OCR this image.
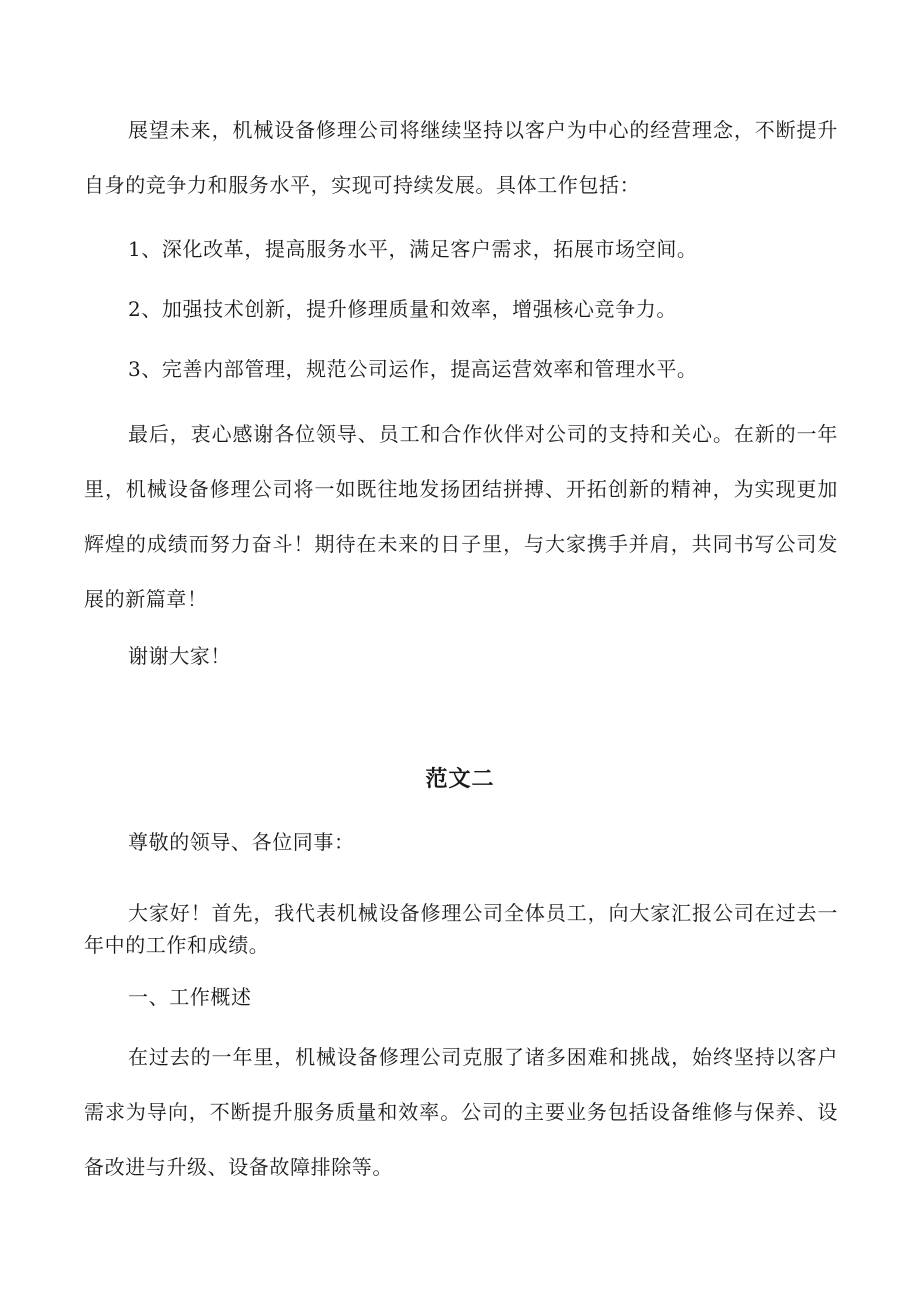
展望未来，机械设备修理公司将继续坚持以客户为中心的经营理念，不断提升自身的竞争力和服务水平，实现可持续发展。具体工作包括：

1、深化改革，提高服务水平，满足客户需求，拓展市场空间。

2、加强技术创新，提升修理质量和效率，增强核心竞争力。

3、完善内部管理，规范公司运作，提高运营效率和管理水平。

最后，衷心感谢各位领导、员工和合作伙伴对公司的支持和关心。在新的一年里，机械设备修理公司将一如既往地发扬团结拼搏、开拓创新的精神，为实现更加辉煌的成绩而努力奋斗！期待在未来的日子里，与大家携手并肩，共同书写公司发展的新篇章！

谢谢大家！

范文二

尊敬的领导、各位同事：

大家好！首先，我代表机械设备修理公司全体员工，向大家汇报公司在过去一年中的工作和成绩。

一、工作概述

在过去的一年里，机械设备修理公司克服了诸多困难和挑战，始终坚持以客户需求为导向，不断提升服务质量和效率。公司的主要业务包括设备维修与保养、设备改进与升级、设备故障排除等。
